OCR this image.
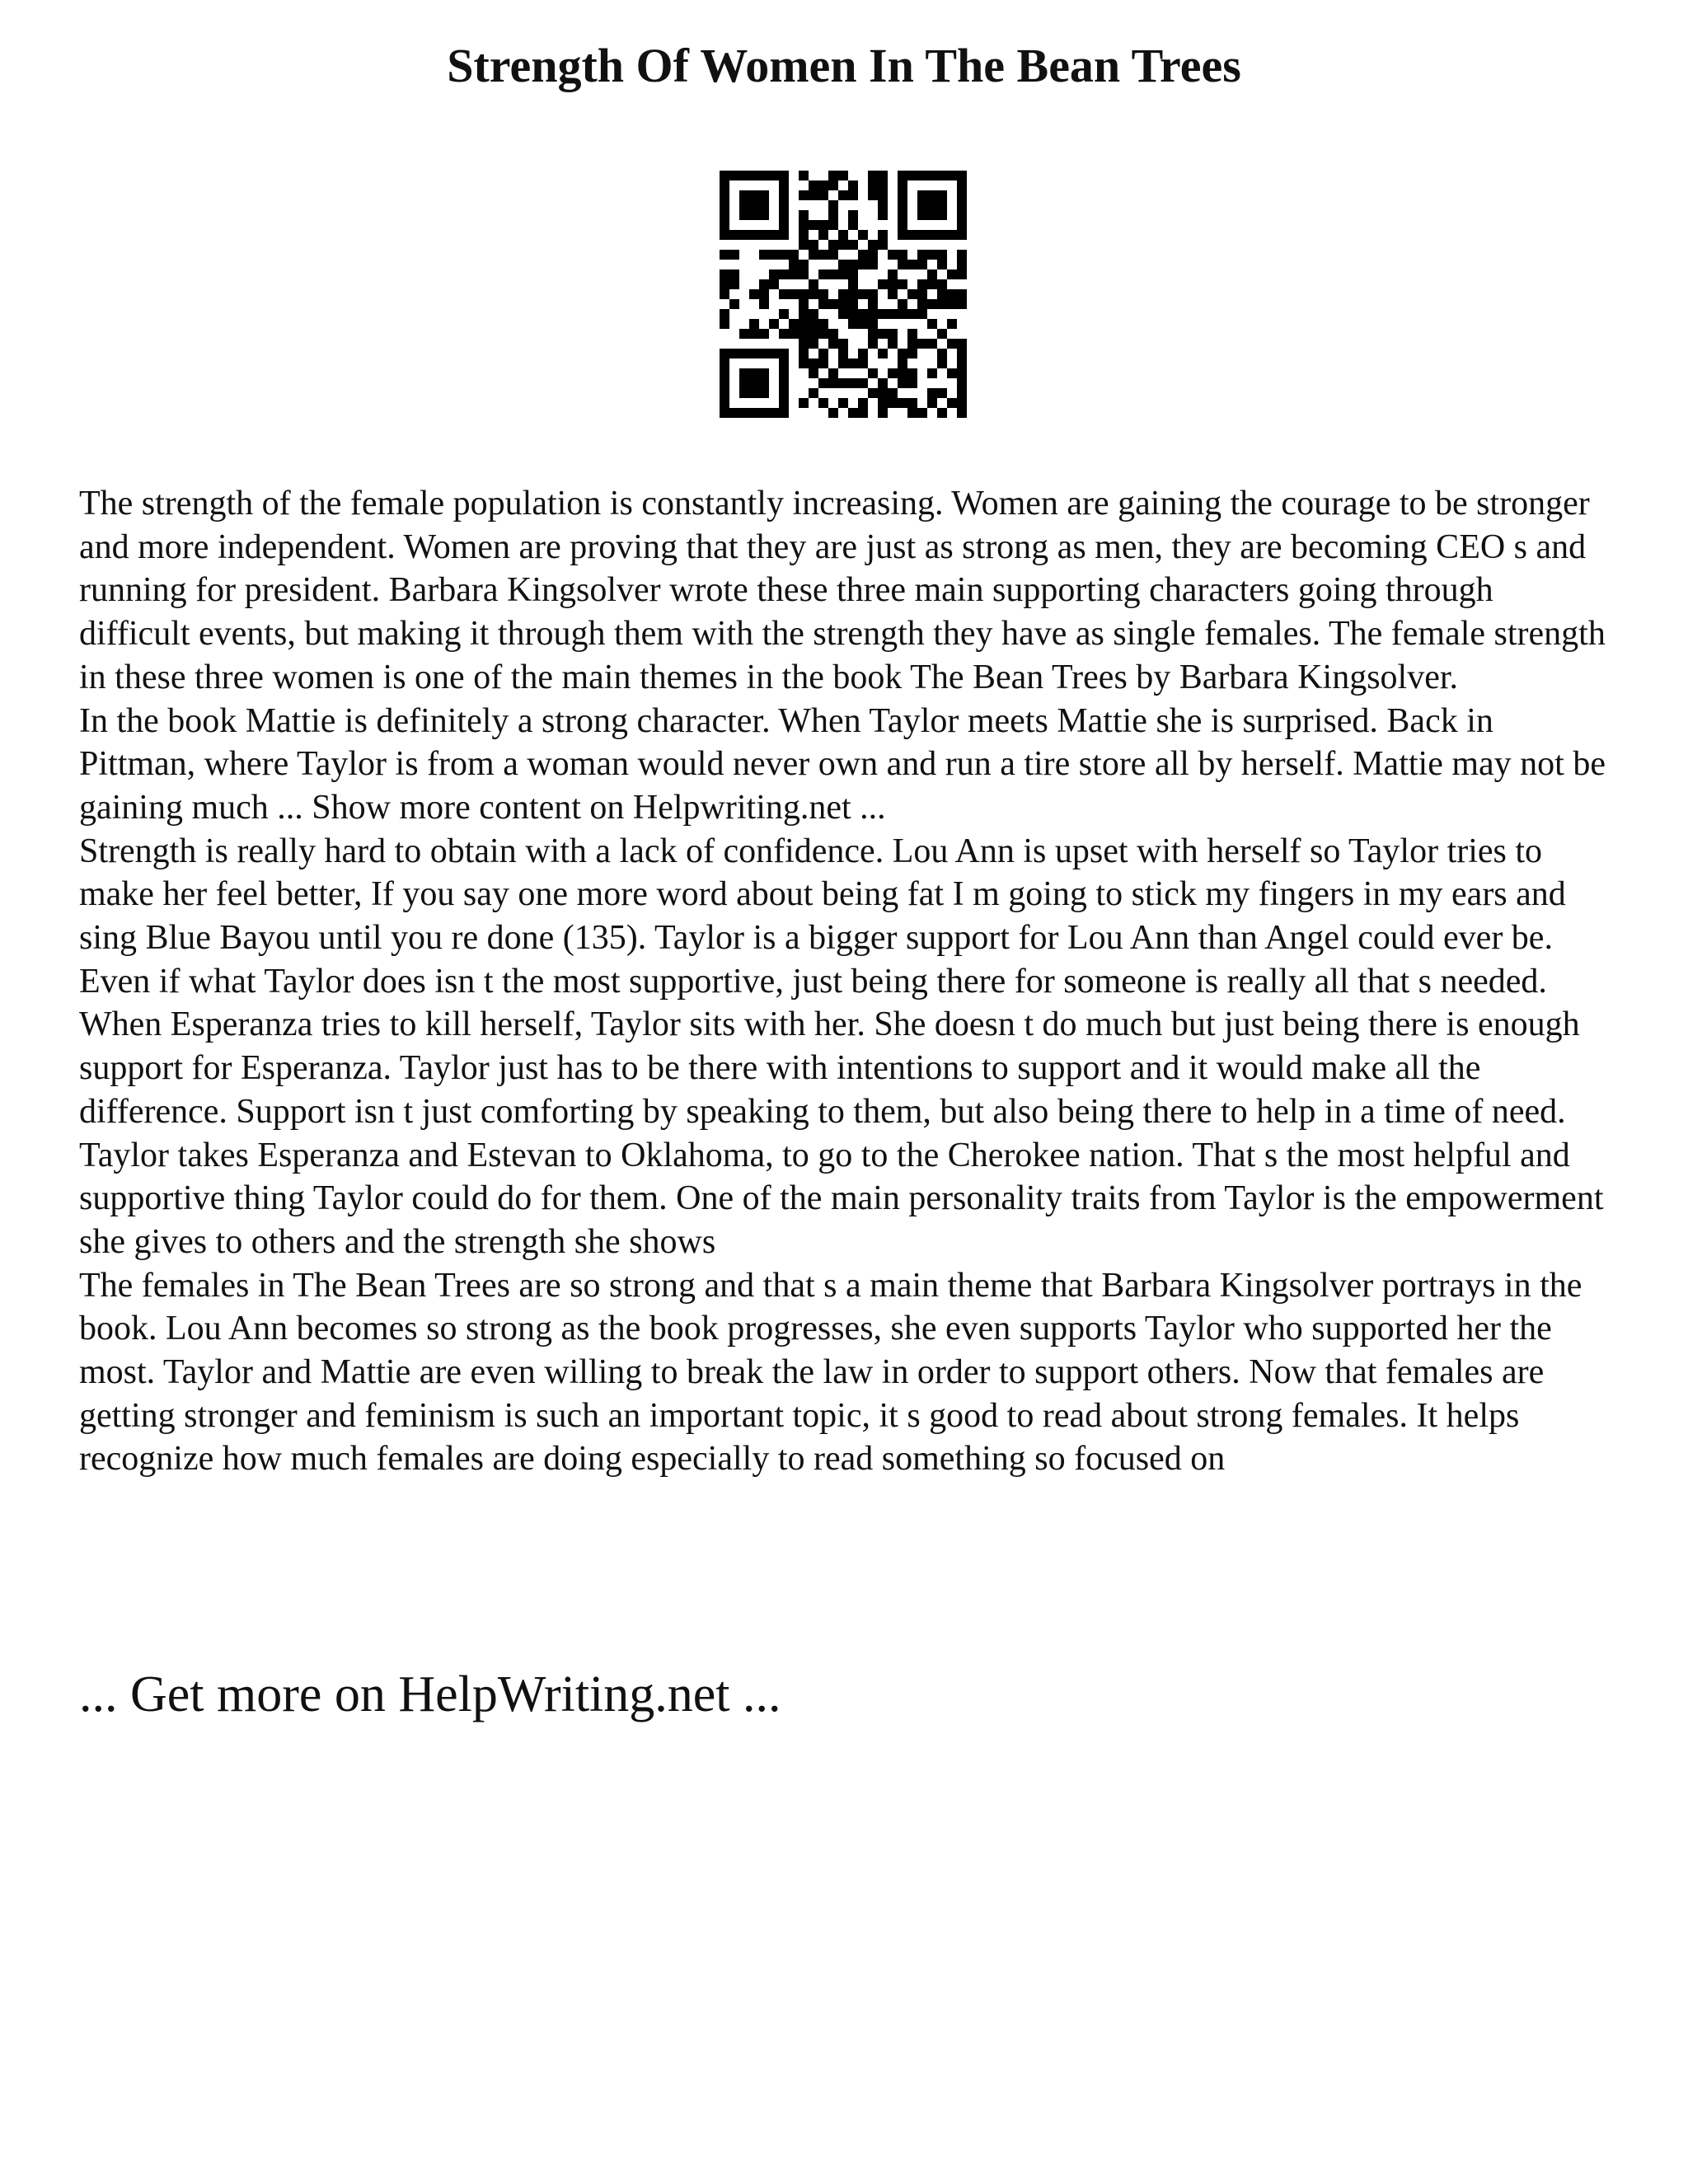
Strength Of Women In The Bean Trees

The strength of the female population is constantly increasing. Women are gaining the courage to be stronger and more independent. Women are proving that they are just as strong as men, they are becoming CEO s and running for president. Barbara Kingsolver wrote these three main supporting characters going through difficult events, but making it through them with the strength they have as single females. The female strength in these three women is one of the main themes in the book The Bean Trees by Barbara Kingsolver.

In the book Mattie is definitely a strong character. When Taylor meets Mattie she is surprised. Back in Pittman, where Taylor is from a woman would never own and run a tire store all by herself. Mattie may not be gaining much ... Show more content on Helpwriting.net ...

Strength is really hard to obtain with a lack of confidence. Lou Ann is upset with herself so Taylor tries to make her feel better, If you say one more word about being fat I m going to stick my fingers in my ears and sing Blue Bayou until you re done (135). Taylor is a bigger support for Lou Ann than Angel could ever be. Even if what Taylor does isn t the most supportive, just being there for someone is really all that s needed. When Esperanza tries to kill herself, Taylor sits with her. She doesn t do much but just being there is enough support for Esperanza. Taylor just has to be there with intentions to support and it would make all the difference. Support isn t just comforting by speaking to them, but also being there to help in a time of need. Taylor takes Esperanza and Estevan to Oklahoma, to go to the Cherokee nation. That s the most helpful and supportive thing Taylor could do for them. One of the main personality traits from Taylor is the empowerment she gives to others and the strength she shows

The females in The Bean Trees are so strong and that s a main theme that Barbara Kingsolver portrays in the book. Lou Ann becomes so strong as the book progresses, she even supports Taylor who supported her the most. Taylor and Mattie are even willing to break the law in order to support others. Now that females are getting stronger and feminism is such an important topic, it s good to read about strong females. It helps recognize how much females are doing especially to read something so focused on

... Get more on HelpWriting.net ...
